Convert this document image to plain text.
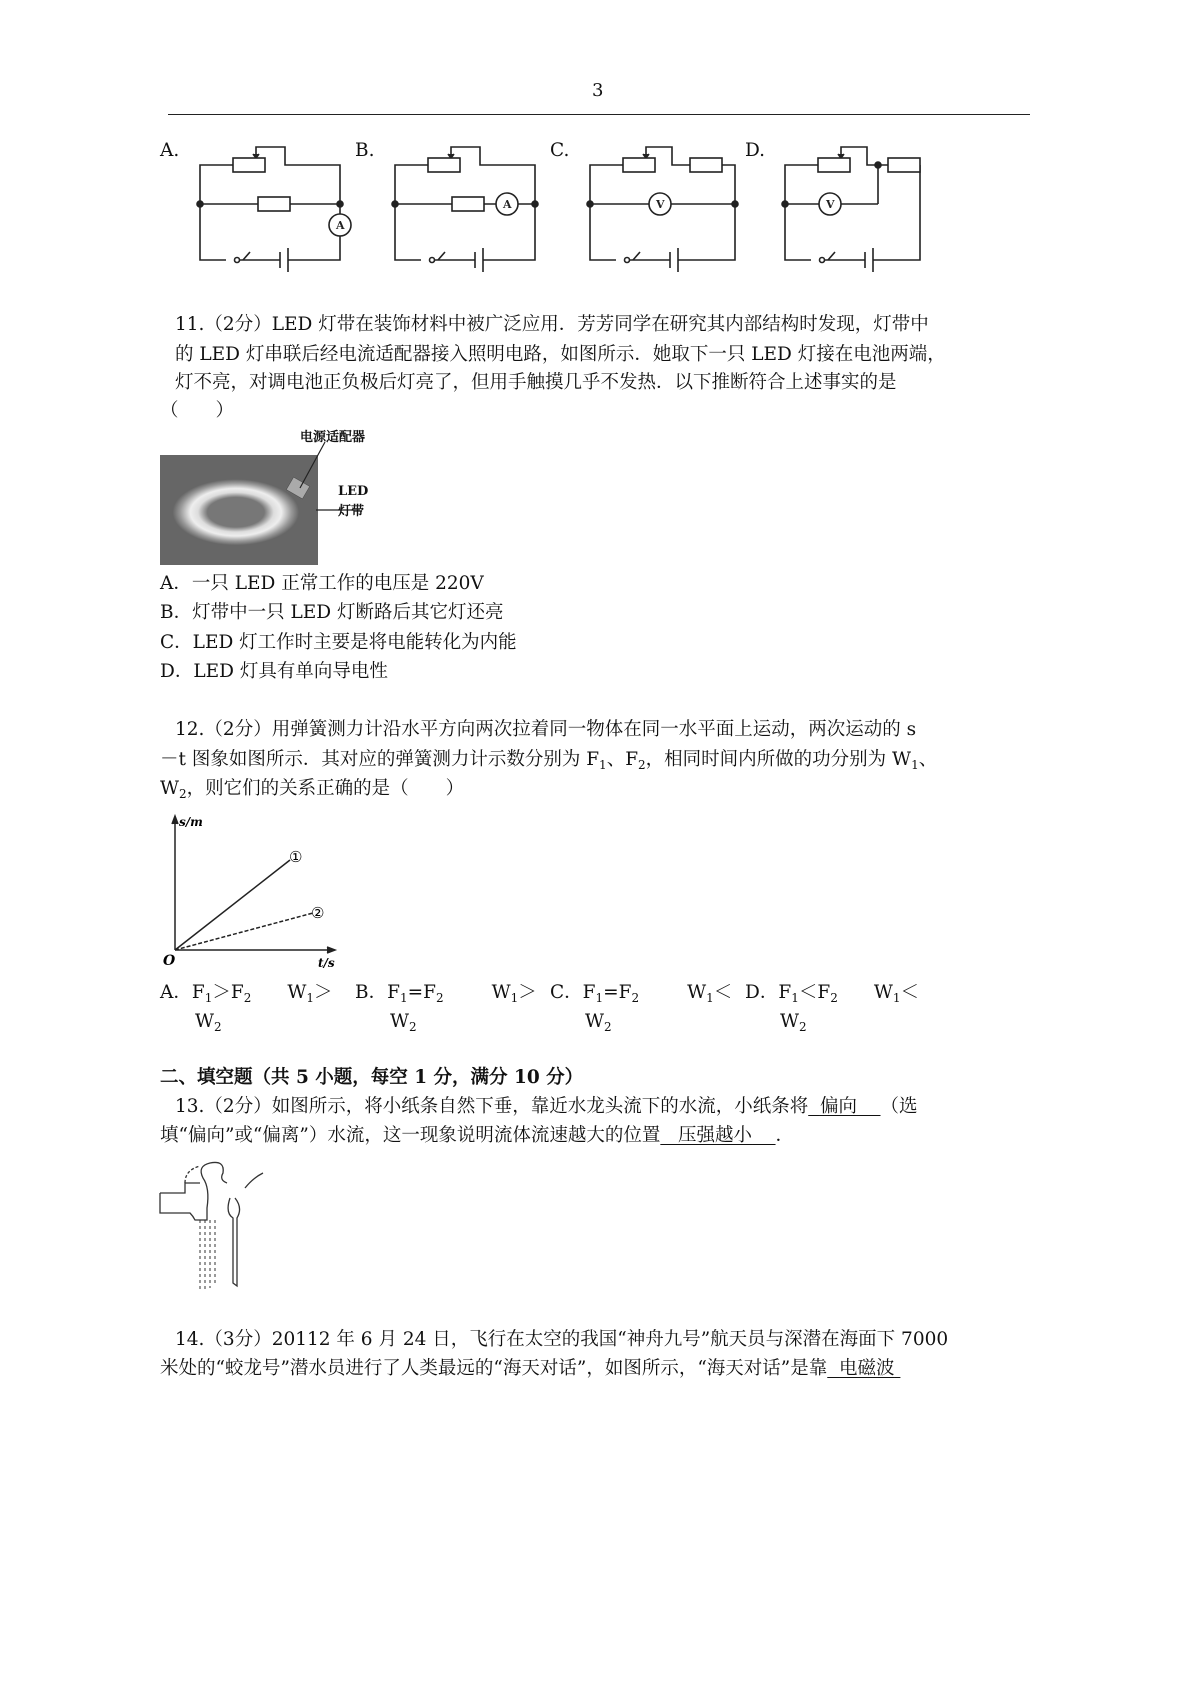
3
A.	B.	C.	D.
A
A	V	V
11.（2分）LED 灯带在装饰材料中被广泛应用．芳芳同学在研究其内部结构时发现，灯带中
的 LED 灯串联后经电流适配器接入照明电路，如图所示．她取下一只 LED 灯接在电池两端，
灯不亮，对调电池正负极后灯亮了，但用手触摸几乎不发热．以下推断符合上述事实的是
（　　）
电源适配器
LED
灯带
A．一只 LED 正常工作的电压是 220V
B．灯带中一只 LED 灯断路后其它灯还亮
C．LED 灯工作时主要是将电能转化为内能
D．LED 灯具有单向导电性
12.（2分）用弹簧测力计沿水平方向两次拉着同一物体在同一水平面上运动，两次运动的 s
－t 图象如图所示．其对应的弹簧测力计示数分别为 $F_1$、$F_2$，相同时间内所做的功分别为 $W_1$、
$W_2$，则它们的关系正确的是（　　）
s/m
O	t/s
①
②
A．$F_1>F_2$ $W_1>$
$W_2$
B．$F_1=F_2$	$W_1>$
$W_2$
C．$F_1=F_2$	$W_1<$
$W_2$
D．$F_1<F_2$ $W_1<$
$W_2$
二、填空题（共 5 小题，每空 1 分，满分 10 分）
13.（2分）如图所示，将小纸条自然下垂，靠近水龙头流下的水流，小纸条将 偏向 （选
填“偏向”或“偏离”）水流，这一现象说明流体流速越大的位置 压强越小 ．
14.（3分）20112 年 6 月 24 日，飞行在太空的我国“神舟九号”航天员与深潜在海面下 7000
米处的“蛟龙号”潜水员进行了人类最远的“海天对话”，如图所示，“海天对话”是靠 电磁波
